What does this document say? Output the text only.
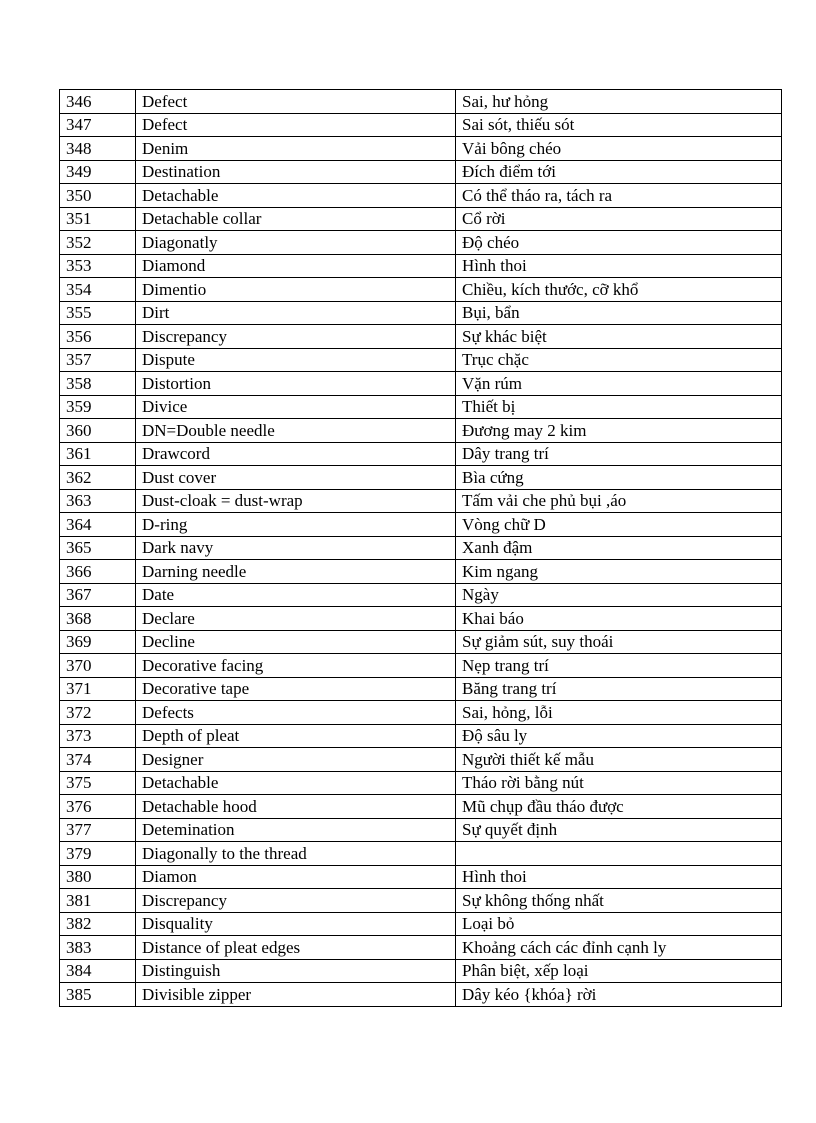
346	Defect	Sai, hư hỏng
347	Defect	Sai sót, thiếu sót
348	Denim	Vải bông chéo
349	Destination	Đích điểm tới
350	Detachable	Có thể tháo ra, tách ra
351	Detachable collar	Cổ rời
352	Diagonatly	Độ chéo
353	Diamond	Hình thoi
354	Dimentio	Chiều, kích thước, cỡ khổ
355	Dirt	Bụi, bẩn
356	Discrepancy	Sự khác biệt
357	Dispute	Trục chặc
358	Distortion	Vặn rúm
359	Divice	Thiết bị
360	DN=Double needle	Đương may 2 kim
361	Drawcord	Dây trang trí
362	Dust cover	Bìa cứng
363	Dust-cloak = dust-wrap	Tấm vải che phủ bụi ,áo
364	D-ring	Vòng chữ D
365	Dark navy	Xanh đậm
366	Darning needle	Kim ngang
367	Date	Ngày
368	Declare	Khai báo
369	Decline	Sự giảm sút, suy thoái
370	Decorative facing	Nẹp trang trí
371	Decorative tape	Băng trang trí
372	Defects	Sai, hỏng, lỗi
373	Depth of pleat	Độ sâu ly
374	Designer	Người thiết kế mẫu
375	Detachable	Tháo rời bằng nút
376	Detachable hood	Mũ chụp đầu tháo được
377	Detemination	Sự quyết định
379	Diagonally to the thread	
380	Diamon	Hình thoi
381	Discrepancy	Sự không thống nhất
382	Disquality	Loại bỏ
383	Distance of pleat edges	Khoảng cách các đỉnh cạnh ly
384	Distinguish	Phân biệt, xếp loại
385	Divisible zipper	Dây kéo {khóa} rời
